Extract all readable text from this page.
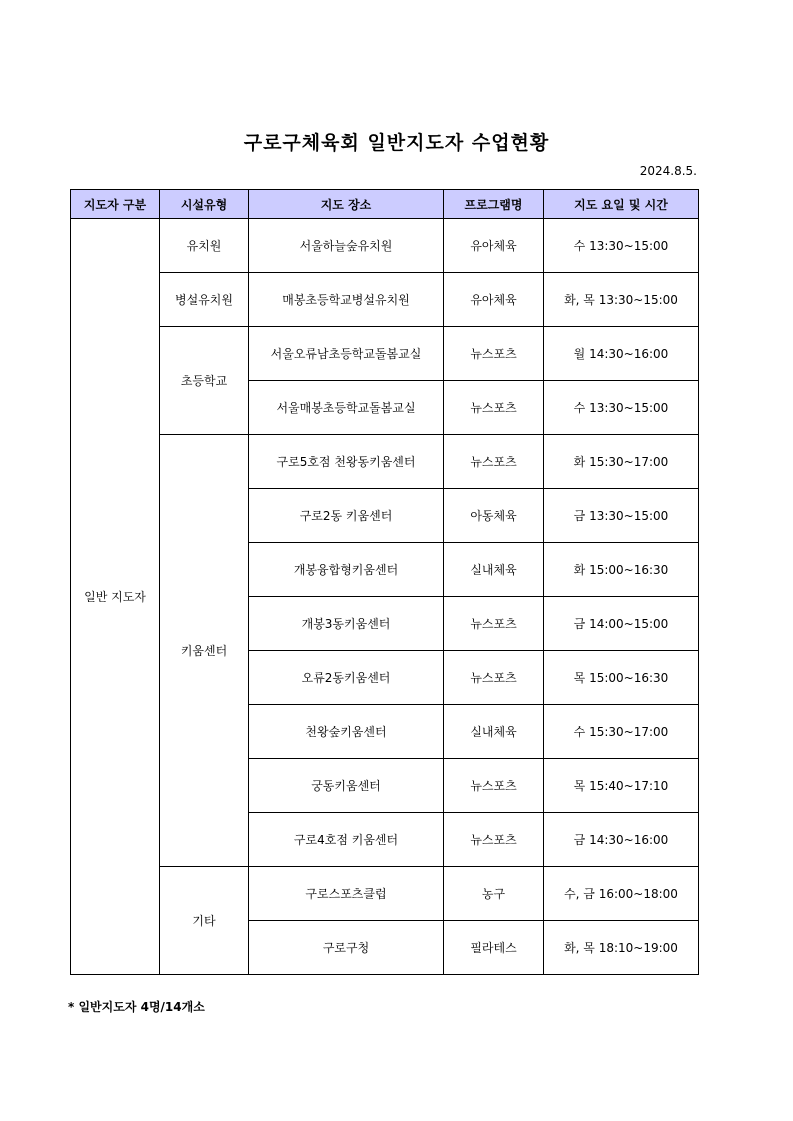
구로구체육회 일반지도자 수업현황
2024.8.5.
지도자 구분	시설유형	지도 장소	프로그램명	지도 요일 및 시간
일반 지도자	유치원	서울하늘숲유치원	유아체육	수 13:30~15:00
	병설유치원	매봉초등학교병설유치원	유아체육	화, 목 13:30~15:00
	초등학교	서울오류남초등학교돌봄교실	뉴스포츠	월 14:30~16:00
		서울매봉초등학교돌봄교실	뉴스포츠	수 13:30~15:00
	키움센터	구로5호점 천왕동키움센터	뉴스포츠	화 15:30~17:00
		구로2동 키움센터	아동체육	금 13:30~15:00
		개봉융합형키움센터	실내체육	화 15:00~16:30
		개봉3동키움센터	뉴스포츠	금 14:00~15:00
		오류2동키움센터	뉴스포츠	목 15:00~16:30
		천왕숲키움센터	실내체육	수 15:30~17:00
		궁동키움센터	뉴스포츠	목 15:40~17:10
		구로4호점 키움센터	뉴스포츠	금 14:30~16:00
	기타	구로스포츠클럽	농구	수, 금 16:00~18:00
		구로구청	필라테스	화, 목 18:10~19:00
* 일반지도자 4명/14개소
